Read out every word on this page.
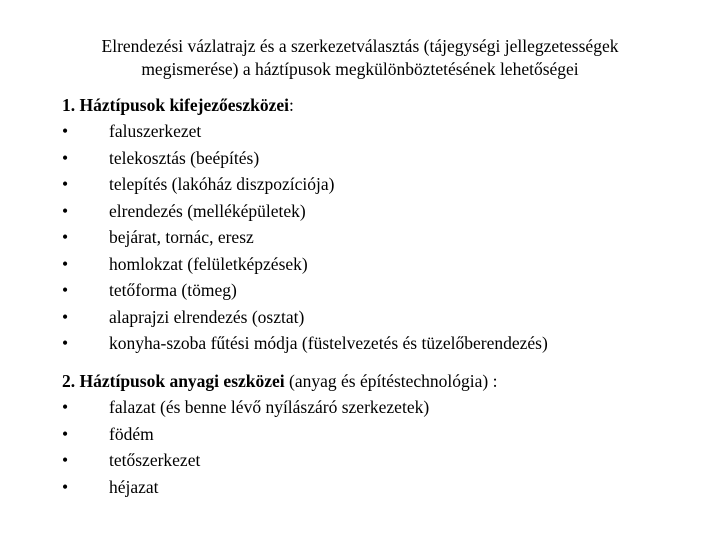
Elrendezési vázlatrajz és a szerkezetválasztás (tájegységi jellegzetességek
megismerése) a háztípusok megkülönböztetésének lehetőségei
1. Háztípusok kifejezőeszközei:
• faluszerkezet
• telekosztás (beépítés)
• telepítés (lakóház diszpozíciója)
• elrendezés (melléképületek)
• bejárat, tornác, eresz
• homlokzat (felületképzések)
• tetőforma (tömeg)
• alaprajzi elrendezés (osztat)
• konyha-szoba fűtési módja (füstelvezetés és tüzelőberendezés)
2. Háztípusok anyagi eszközei (anyag és építéstechnológia) :
• falazat (és benne lévő nyílászáró szerkezetek)
• födém
• tetőszerkezet
• héjazat
